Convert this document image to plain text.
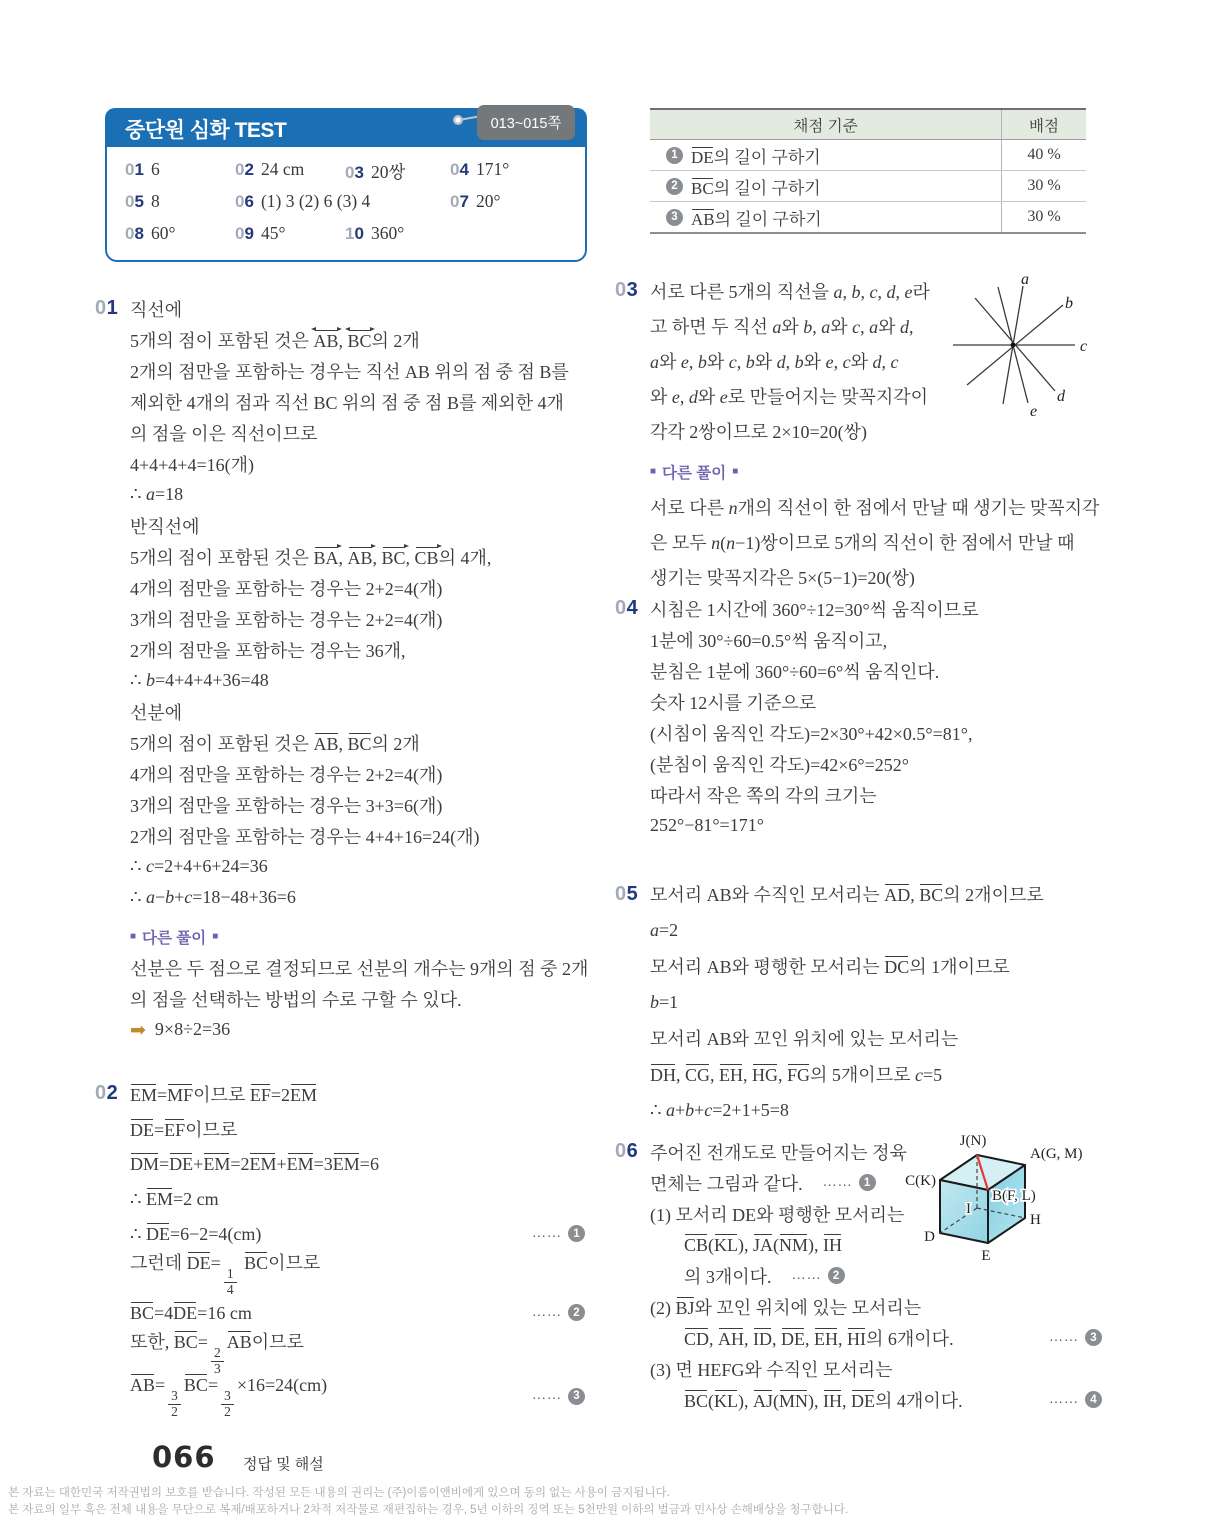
중단원 심화 TEST	013~015쪽
01 6	02 24 cm 03 20쌍	04 171°
05 8	06 (1) 3 (2) 6 (3) 4	07 20°
08 60°	09 45°	10 360°
채점 기준	배점
1 DE의 길이 구하기	40 %
2 BC의 길이 구하기	30 %
3 AB의 길이 구하기	30 %
0 1 직선에
5개의 점이 포함된 것은 AB
, BC
의 2개
2개의 점만을 포함하는 경우는 직선 AB 위의 점 중 점 B를
제외한 4개의 점과 직선 BC 위의 점 중 점 B를 제외한 4개
의 점을 이은 직선이므로
4+4+4+4=16(개)
∴ a=18
반직선에
5개의 점이 포함된 것은 BA
, AB
, BC
, CB
의 4개,
4개의 점만을 포함하는 경우는 2+2=4(개)
3개의 점만을 포함하는 경우는 2+2=4(개)
2개의 점만을 포함하는 경우는 36개,
∴ b=4+4+4+36=48
선분에
5개의 점이 포함된 것은 AB, BC의 2개
4개의 점만을 포함하는 경우는 2+2=4(개)
3개의 점만을 포함하는 경우는 3+3=6(개)
2개의 점만을 포함하는 경우는 4+4+16=24(개)
∴ c=2+4+6+24=36
∴ a−b+c=18−48+36=6
■ 다른 풀이 ■
선분은 두 점으로 결정되므로 선분의 개수는 9개의 점 중 2개
의 점을 선택하는 방법의 수로 구할 수 있다.
➡ 9×8÷2=36
0 2 EM=MF이므로 EF=2EM
DE=EF이므로
DM=DE+EM=2EM+EM=3EM=6
∴ EM=2 cm
∴ DE=6−2=4(cm)	…… 1
그런데 DE=
$\frac{1}{4}$
BC이므로
BC=4DE=16 cm	…… 2
또한, BC=
$\frac{2}{3}$
AB이므로
AB=
$\frac{3}{2}$
BC=
$\frac{3}{2}$
×16=24(cm)
…… 3
0 3 서로 다른 5개의 직선을 a, b, c, d, e라
고 하면 두 직선 a와 b, a와 c, a와 d,
a와 e, b와 c, b와 d, b와 e, c와 d, c
와 e, d와 e로 만들어지는 맞꼭지각이
각각 2쌍이므로 2×10=20(쌍)
■ 다른 풀이 ■
서로 다른 n개의 직선이 한 점에서 만날 때 생기는 맞꼭지각
은 모두 n(n−1)쌍이므로 5개의 직선이 한 점에서 만날 때
생기는 맞꼭지각은 5×(5−1)=20(쌍)
0 4 시침은 1시간에 360°÷12=30°씩 움직이므로
1분에 30°÷60=0.5°씩 움직이고,
분침은 1분에 360°÷60=6°씩 움직인다.
숫자 12시를 기준으로
(시침이 움직인 각도)=2×30°+42×0.5°=81°,
(분침이 움직인 각도)=42×6°=252°
따라서 작은 쪽의 각의 크기는
252°−81°=171°
0 5 모서리 AB와 수직인 모서리는 AD, BC의 2개이므로
a=2
모서리 AB와 평행한 모서리는 DC의 1개이므로
b=1
모서리 AB와 꼬인 위치에 있는 모서리는
DH, CG, EH, HG, FG의 5개이므로 c=5
∴ a+b+c=2+1+5=8
0 6 주어진 전개도로 만들어지는 정육
면체는 그림과 같다. …… 1
(1) 모서리 DE와 평행한 모서리는
CB(KL), JA(NM), IH
의 3개이다. …… 2
(2) BJ와 꼬인 위치에 있는 모서리는
CD, AH, ID, DE, EH, HI의 6개이다.	…… 3
(3) 면 HEFG와 수직인 모서리는
BC(KL), AJ(MN), IH, DE의 4개이다.	…… 4
a
b
c
d
e
J(N)
A(G, M)
C(K)
B(F, L)
I
H
D
E
066 정답 및 해설
본 자료는 대한민국 저작권법의 보호를 받습니다. 작성된 모든 내용의 권리는 (주)이룸이앤비에게 있으며 동의 없는 사용이 금지됩니다.
본 자료의 일부 혹은 전체 내용을 무단으로 복제/배포하거나 2차적 저작물로 재편집하는 경우, 5년 이하의 징역 또는 5천만원 이하의 벌금과 민사상 손해배상을 청구합니다.
